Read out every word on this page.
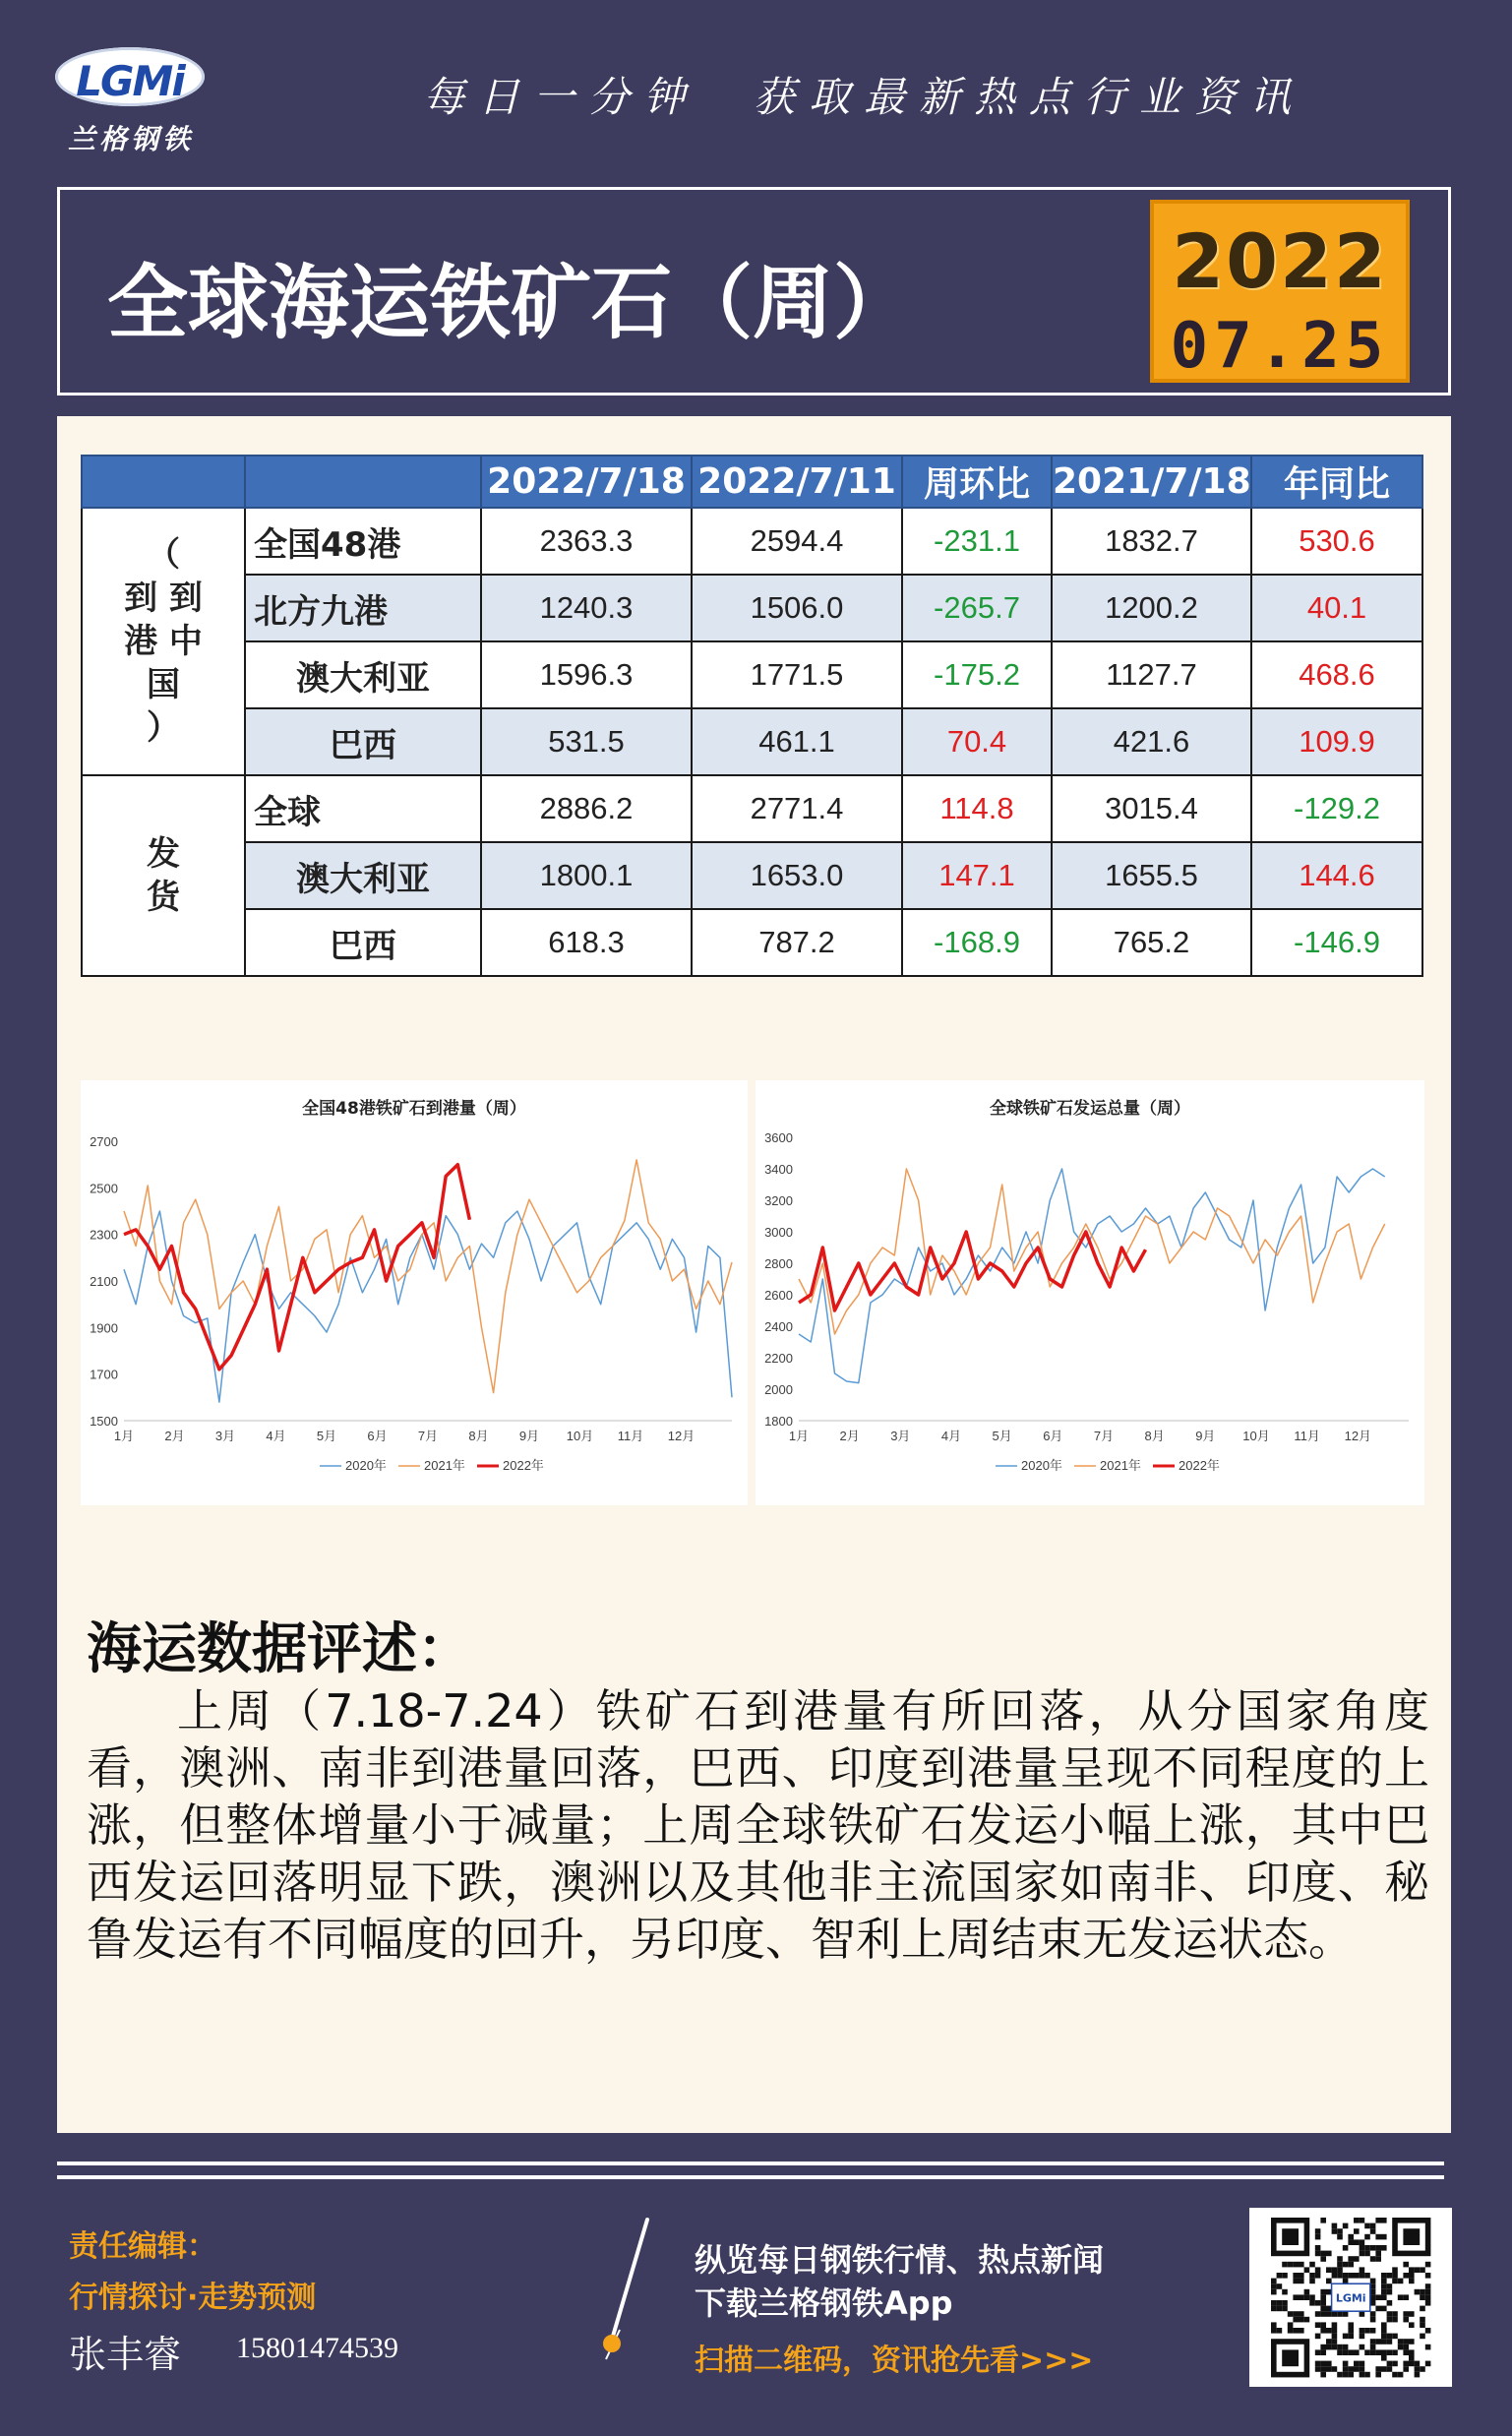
LGMi
兰格钢铁
每日一分钟　获取最新热点行业资讯
全球海运铁矿石（周）	2022
07.25
		2022/7/18	2022/7/11	周环比	2021/7/18	年同比

（
到 到
港 中
国
）	全国48港	2363.3	2594.4	-231.1	1832.7	530.6
	北方九港	1240.3	1506.0	-265.7	1200.2	40.1
	澳大利亚	1596.3	1771.5	-175.2	1127.7	468.6
	巴西	531.5	461.1	70.4	421.6	109.9

发
货	全球	2886.2	2771.4	114.8	3015.4	-129.2
	澳大利亚	1800.1	1653.0	147.1	1655.5	144.6
	巴西	618.3	787.2	-168.9	765.2	-146.9
全国48港铁矿石到港量（周）
1500
1700
1900
2100
2300
2500
2700
1月 2月 3月 4月 5月 6月 7月 8月 9月 10月 11月 12月
2020年	2021年	2022年
全球铁矿石发运总量（周）
1800
2000
2200
2400
2600
2800
3000
3200
3400
3600
1月 2月 3月 4月 5月 6月 7月 8月 9月 10月 11月 12月
2020年	2021年	2022年
海运数据评述：
上周（7.18-7.24）铁矿石到港量有所回落，从分国家角度看，澳洲、南非到港量回落，巴西、印度到港量呈现不同程度的上涨，但整体增量小于减量；上周全球铁矿石发运小幅上涨，其中巴西发运回落明显下跌，澳洲以及其他非主流国家如南非、印度、秘鲁发运有不同幅度的回升，另印度、智利上周结束无发运状态。
责任编辑：
行情探讨·走势预测
张丰睿 15801474539
纵览每日钢铁行情、热点新闻
下载兰格钢铁App
扫描二维码，资讯抢先看>>>
LGMi
